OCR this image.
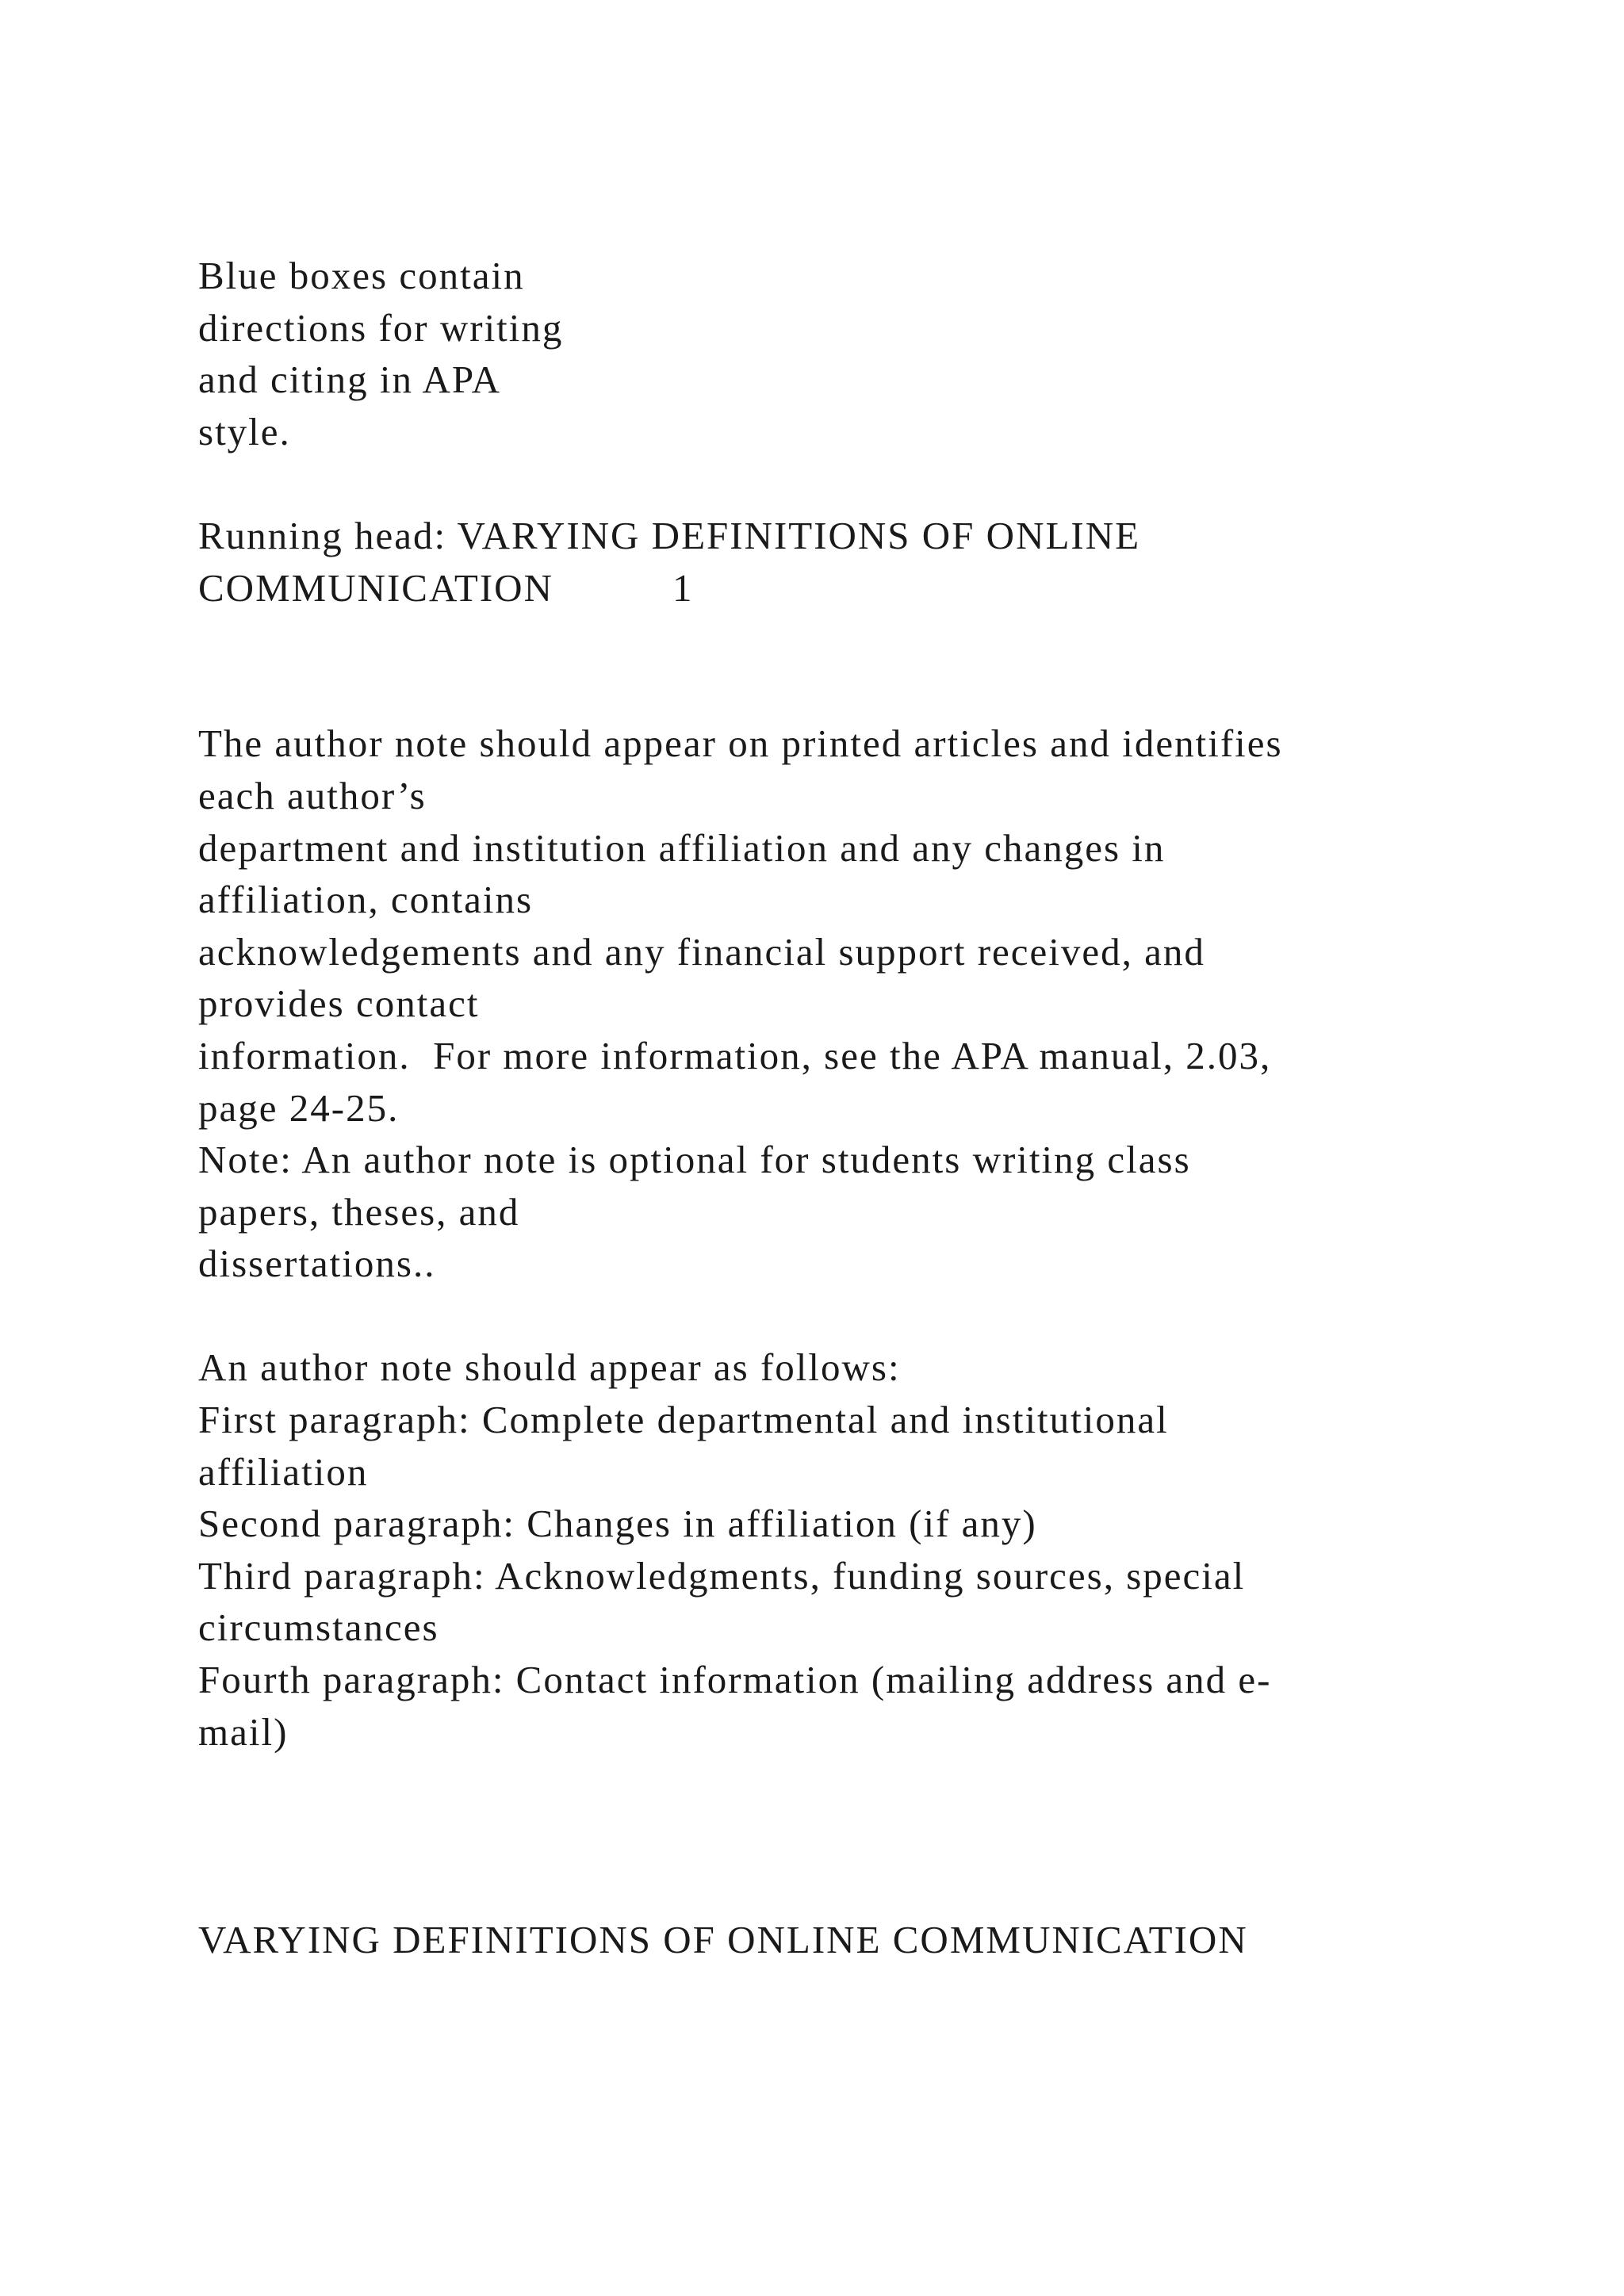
Blue boxes contain
directions for writing
and citing in APA
style.
Running head: VARYING DEFINITIONS OF ONLINE
COMMUNICATION	1
The author note should appear on printed articles and identifies
each author’s
department and institution affiliation and any changes in
affiliation, contains
acknowledgements and any financial support received, and
provides contact
information.  For more information, see the APA manual, 2.03,
page 24-25.
Note: An author note is optional for students writing class
papers, theses, and
dissertations..
An author note should appear as follows:
First paragraph: Complete departmental and institutional
affiliation
Second paragraph: Changes in affiliation (if any)
Third paragraph: Acknowledgments, funding sources, special
circumstances
Fourth paragraph: Contact information (mailing address and e-
mail)
VARYING DEFINITIONS OF ONLINE COMMUNICATION
